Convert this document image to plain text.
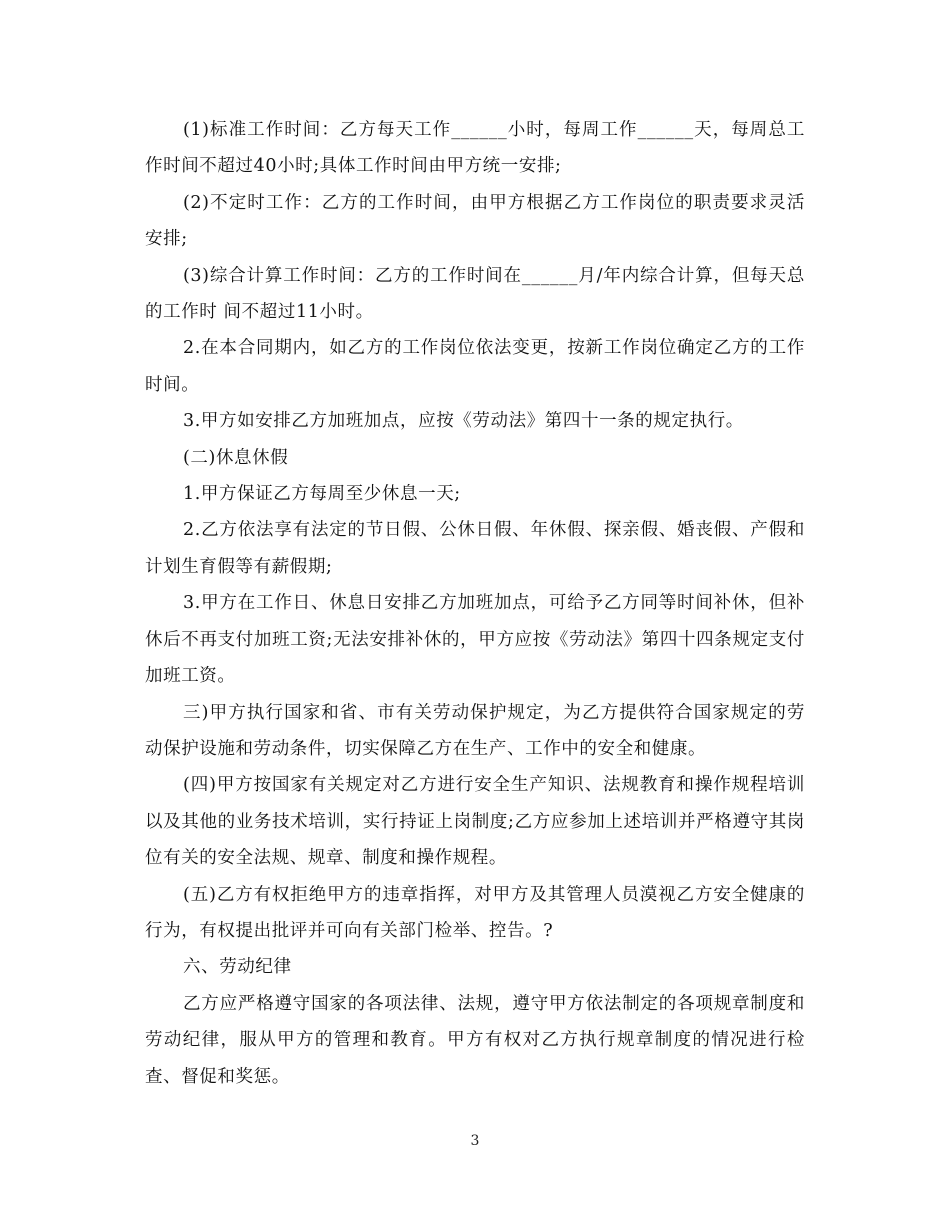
(1)标准工作时间：乙方每天工作______小时，每周工作______天，每周总工作时间不超过40小时;具体工作时间由甲方统一安排;

(2)不定时工作：乙方的工作时间，由甲方根据乙方工作岗位的职责要求灵活安排;

(3)综合计算工作时间：乙方的工作时间在______月/年内综合计算，但每天总的工作时 间不超过11小时。

2.在本合同期内，如乙方的工作岗位依法变更，按新工作岗位确定乙方的工作时间。

3.甲方如安排乙方加班加点，应按《劳动法》第四十一条的规定执行。

(二)休息休假

1.甲方保证乙方每周至少休息一天;

2.乙方依法享有法定的节日假、公休日假、年休假、探亲假、婚丧假、产假和计划生育假等有薪假期;

3.甲方在工作日、休息日安排乙方加班加点，可给予乙方同等时间补休，但补休后不再支付加班工资;无法安排补休的，甲方应按《劳动法》第四十四条规定支付加班工资。

三)甲方执行国家和省、市有关劳动保护规定，为乙方提供符合国家规定的劳动保护设施和劳动条件，切实保障乙方在生产、工作中的安全和健康。

(四)甲方按国家有关规定对乙方进行安全生产知识、法规教育和操作规程培训以及其他的业务技术培训，实行持证上岗制度;乙方应参加上述培训并严格遵守其岗位有关的安全法规、规章、制度和操作规程。

(五)乙方有权拒绝甲方的违章指挥，对甲方及其管理人员漠视乙方安全健康的行为，有权提出批评并可向有关部门检举、控告。?

六、劳动纪律

乙方应严格遵守国家的各项法律、法规，遵守甲方依法制定的各项规章制度和劳动纪律，服从甲方的管理和教育。甲方有权对乙方执行规章制度的情况进行检查、督促和奖惩。

3
